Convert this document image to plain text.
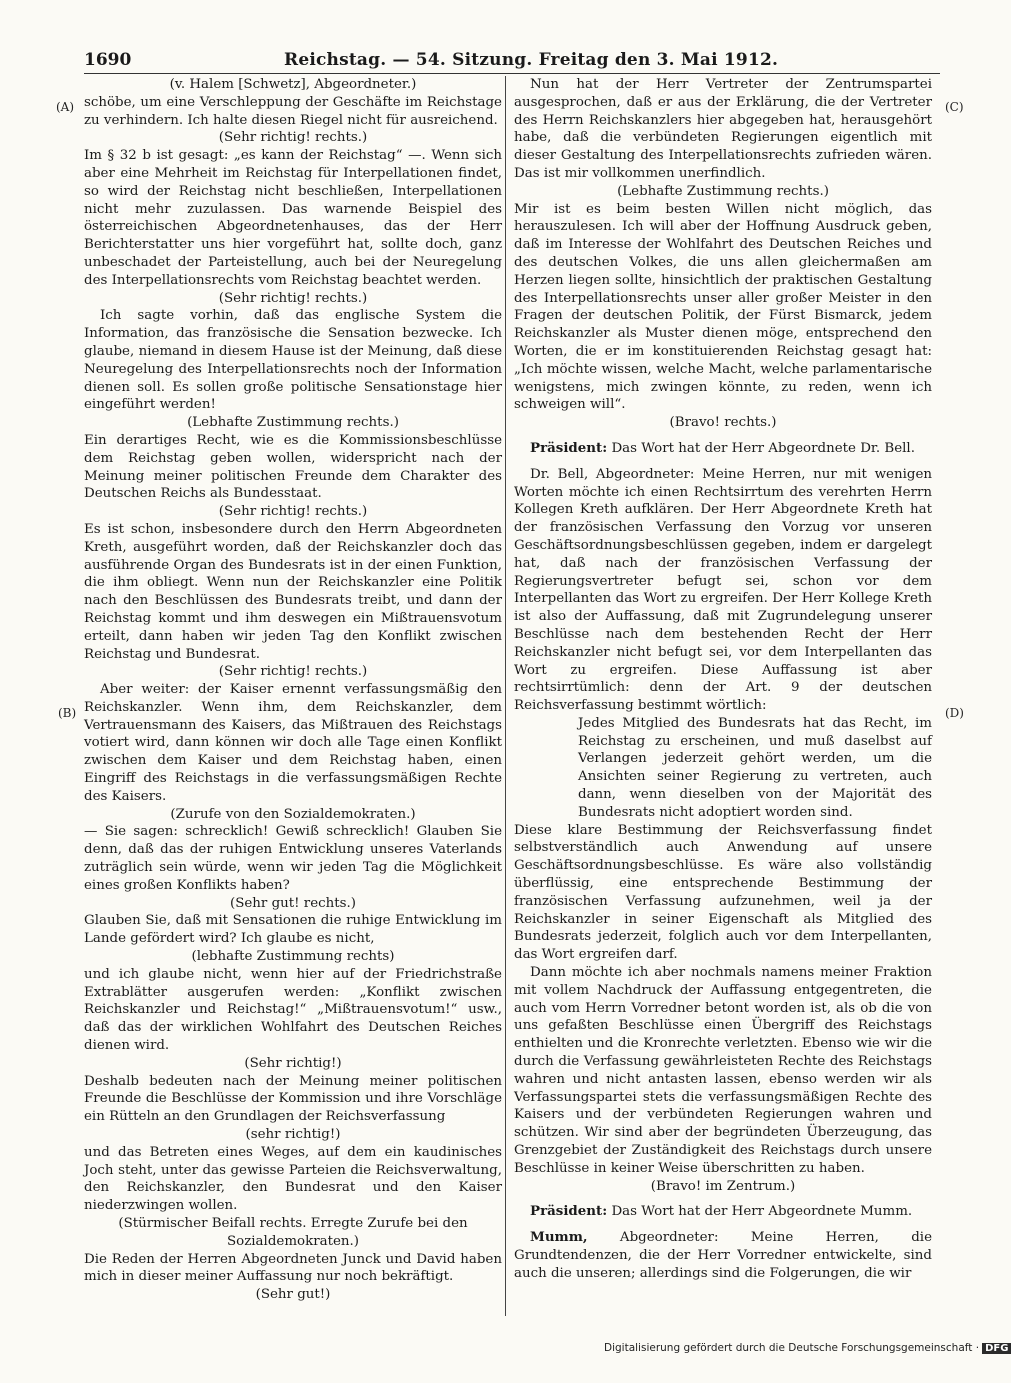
1690	Reichstag. — 54. Sitzung. Freitag den 3. Mai 1912.
(A)
(B)
(C)
(D)

(v. Halem [Schwetz], Abgeordneter.)

schöbe, um eine Verschleppung der Geschäfte im Reichstage zu verhindern. Ich halte diesen Riegel nicht für ausreichend.

(Sehr richtig! rechts.)

Im § 32 b ist gesagt: „es kann der Reichstag“ —. Wenn sich aber eine Mehrheit im Reichstag für Interpellationen findet, so wird der Reichstag nicht beschließen, Interpellationen nicht mehr zuzulassen. Das warnende Beispiel des österreichischen Abgeordnetenhauses, das der Herr Berichterstatter uns hier vorgeführt hat, sollte doch, ganz unbeschadet der Parteistellung, auch bei der Neuregelung des Interpellationsrechts vom Reichstag beachtet werden.

(Sehr richtig! rechts.)

Ich sagte vorhin, daß das englische System die Information, das französische die Sensation bezwecke. Ich glaube, niemand in diesem Hause ist der Meinung, daß diese Neuregelung des Interpellationsrechts noch der Information dienen soll. Es sollen große politische Sensationstage hier eingeführt werden!

(Lebhafte Zustimmung rechts.)

Ein derartiges Recht, wie es die Kommissionsbeschlüsse dem Reichstag geben wollen, widerspricht nach der Meinung meiner politischen Freunde dem Charakter des Deutschen Reichs als Bundesstaat.

(Sehr richtig! rechts.)

Es ist schon, insbesondere durch den Herrn Abgeordneten Kreth, ausgeführt worden, daß der Reichskanzler doch das ausführende Organ des Bundesrats ist in der einen Funktion, die ihm obliegt. Wenn nun der Reichskanzler eine Politik nach den Beschlüssen des Bundesrats treibt, und dann der Reichstag kommt und ihm deswegen ein Mißtrauensvotum erteilt, dann haben wir jeden Tag den Konflikt zwischen Reichstag und Bundesrat.

(Sehr richtig! rechts.)

Aber weiter: der Kaiser ernennt verfassungsmäßig den Reichskanzler. Wenn ihm, dem Reichskanzler, dem Vertrauensmann des Kaisers, das Mißtrauen des Reichstags votiert wird, dann können wir doch alle Tage einen Konflikt zwischen dem Kaiser und dem Reichstag haben, einen Eingriff des Reichstags in die verfassungsmäßigen Rechte des Kaisers.

(Zurufe von den Sozialdemokraten.)

— Sie sagen: schrecklich! Gewiß schrecklich! Glauben Sie denn, daß das der ruhigen Entwicklung unseres Vaterlands zuträglich sein würde, wenn wir jeden Tag die Möglichkeit eines großen Konflikts haben?

(Sehr gut! rechts.)

Glauben Sie, daß mit Sensationen die ruhige Entwicklung im Lande gefördert wird? Ich glaube es nicht,

(lebhafte Zustimmung rechts)

und ich glaube nicht, wenn hier auf der Friedrichstraße Extrablätter ausgerufen werden: „Konflikt zwischen Reichskanzler und Reichstag!“ „Mißtrauensvotum!“ usw., daß das der wirklichen Wohlfahrt des Deutschen Reiches dienen wird.

(Sehr richtig!)

Deshalb bedeuten nach der Meinung meiner politischen Freunde die Beschlüsse der Kommission und ihre Vorschläge ein Rütteln an den Grundlagen der Reichsverfassung

(sehr richtig!)

und das Betreten eines Weges, auf dem ein kaudinisches Joch steht, unter das gewisse Parteien die Reichsverwaltung, den Reichskanzler, den Bundesrat und den Kaiser niederzwingen wollen.

(Stürmischer Beifall rechts. Erregte Zurufe bei den Sozialdemokraten.)

Die Reden der Herren Abgeordneten Junck und David haben mich in dieser meiner Auffassung nur noch bekräftigt.

(Sehr gut!)

Nun hat der Herr Vertreter der Zentrumspartei ausgesprochen, daß er aus der Erklärung, die der Vertreter des Herrn Reichskanzlers hier abgegeben hat, herausgehört habe, daß die verbündeten Regierungen eigentlich mit dieser Gestaltung des Interpellationsrechts zufrieden wären. Das ist mir vollkommen unerfindlich.

(Lebhafte Zustimmung rechts.)

Mir ist es beim besten Willen nicht möglich, das herauszulesen. Ich will aber der Hoffnung Ausdruck geben, daß im Interesse der Wohlfahrt des Deutschen Reiches und des deutschen Volkes, die uns allen gleichermaßen am Herzen liegen sollte, hinsichtlich der praktischen Gestaltung des Interpellationsrechts unser aller großer Meister in den Fragen der deutschen Politik, der Fürst Bismarck, jedem Reichskanzler als Muster dienen möge, entsprechend den Worten, die er im konstituierenden Reichstag gesagt hat: „Ich möchte wissen, welche Macht, welche parlamentarische wenigstens, mich zwingen könnte, zu reden, wenn ich schweigen will“.

(Bravo! rechts.)

Präsident: Das Wort hat der Herr Abgeordnete Dr. Bell.

Dr. Bell, Abgeordneter: Meine Herren, nur mit wenigen Worten möchte ich einen Rechtsirrtum des verehrten Herrn Kollegen Kreth aufklären. Der Herr Abgeordnete Kreth hat der französischen Verfassung den Vorzug vor unseren Geschäftsordnungsbeschlüssen gegeben, indem er dargelegt hat, daß nach der französischen Verfassung der Regierungsvertreter befugt sei, schon vor dem Interpellanten das Wort zu ergreifen. Der Herr Kollege Kreth ist also der Auffassung, daß mit Zugrundelegung unserer Beschlüsse nach dem bestehenden Recht der Herr Reichskanzler nicht befugt sei, vor dem Interpellanten das Wort zu ergreifen. Diese Auffassung ist aber rechtsirrtümlich: denn der Art. 9 der deutschen Reichsverfassung bestimmt wörtlich:

Jedes Mitglied des Bundesrats hat das Recht, im Reichstag zu erscheinen, und muß daselbst auf Verlangen jederzeit gehört werden, um die Ansichten seiner Regierung zu vertreten, auch dann, wenn dieselben von der Majorität des Bundesrats nicht adoptiert worden sind.

Diese klare Bestimmung der Reichsverfassung findet selbstverständlich auch Anwendung auf unsere Geschäftsordnungsbeschlüsse. Es wäre also vollständig überflüssig, eine entsprechende Bestimmung der französischen Verfassung aufzunehmen, weil ja der Reichskanzler in seiner Eigenschaft als Mitglied des Bundesrats jederzeit, folglich auch vor dem Interpellanten, das Wort ergreifen darf.

Dann möchte ich aber nochmals namens meiner Fraktion mit vollem Nachdruck der Auffassung entgegentreten, die auch vom Herrn Vorredner betont worden ist, als ob die von uns gefaßten Beschlüsse einen Übergriff des Reichstags enthielten und die Kronrechte verletzten. Ebenso wie wir die durch die Verfassung gewährleisteten Rechte des Reichstags wahren und nicht antasten lassen, ebenso werden wir als Verfassungspartei stets die verfassungsmäßigen Rechte des Kaisers und der verbündeten Regierungen wahren und schützen. Wir sind aber der begründeten Überzeugung, das Grenzgebiet der Zuständigkeit des Reichstags durch unsere Beschlüsse in keiner Weise überschritten zu haben.

(Bravo! im Zentrum.)

Präsident: Das Wort hat der Herr Abgeordnete Mumm.

Mumm, Abgeordneter: Meine Herren, die Grundtendenzen, die der Herr Vorredner entwickelte, sind auch die unseren; allerdings sind die Folgerungen, die wir

Digitalisierung gefördert durch die Deutsche Forschungsgemeinschaft · DFG
